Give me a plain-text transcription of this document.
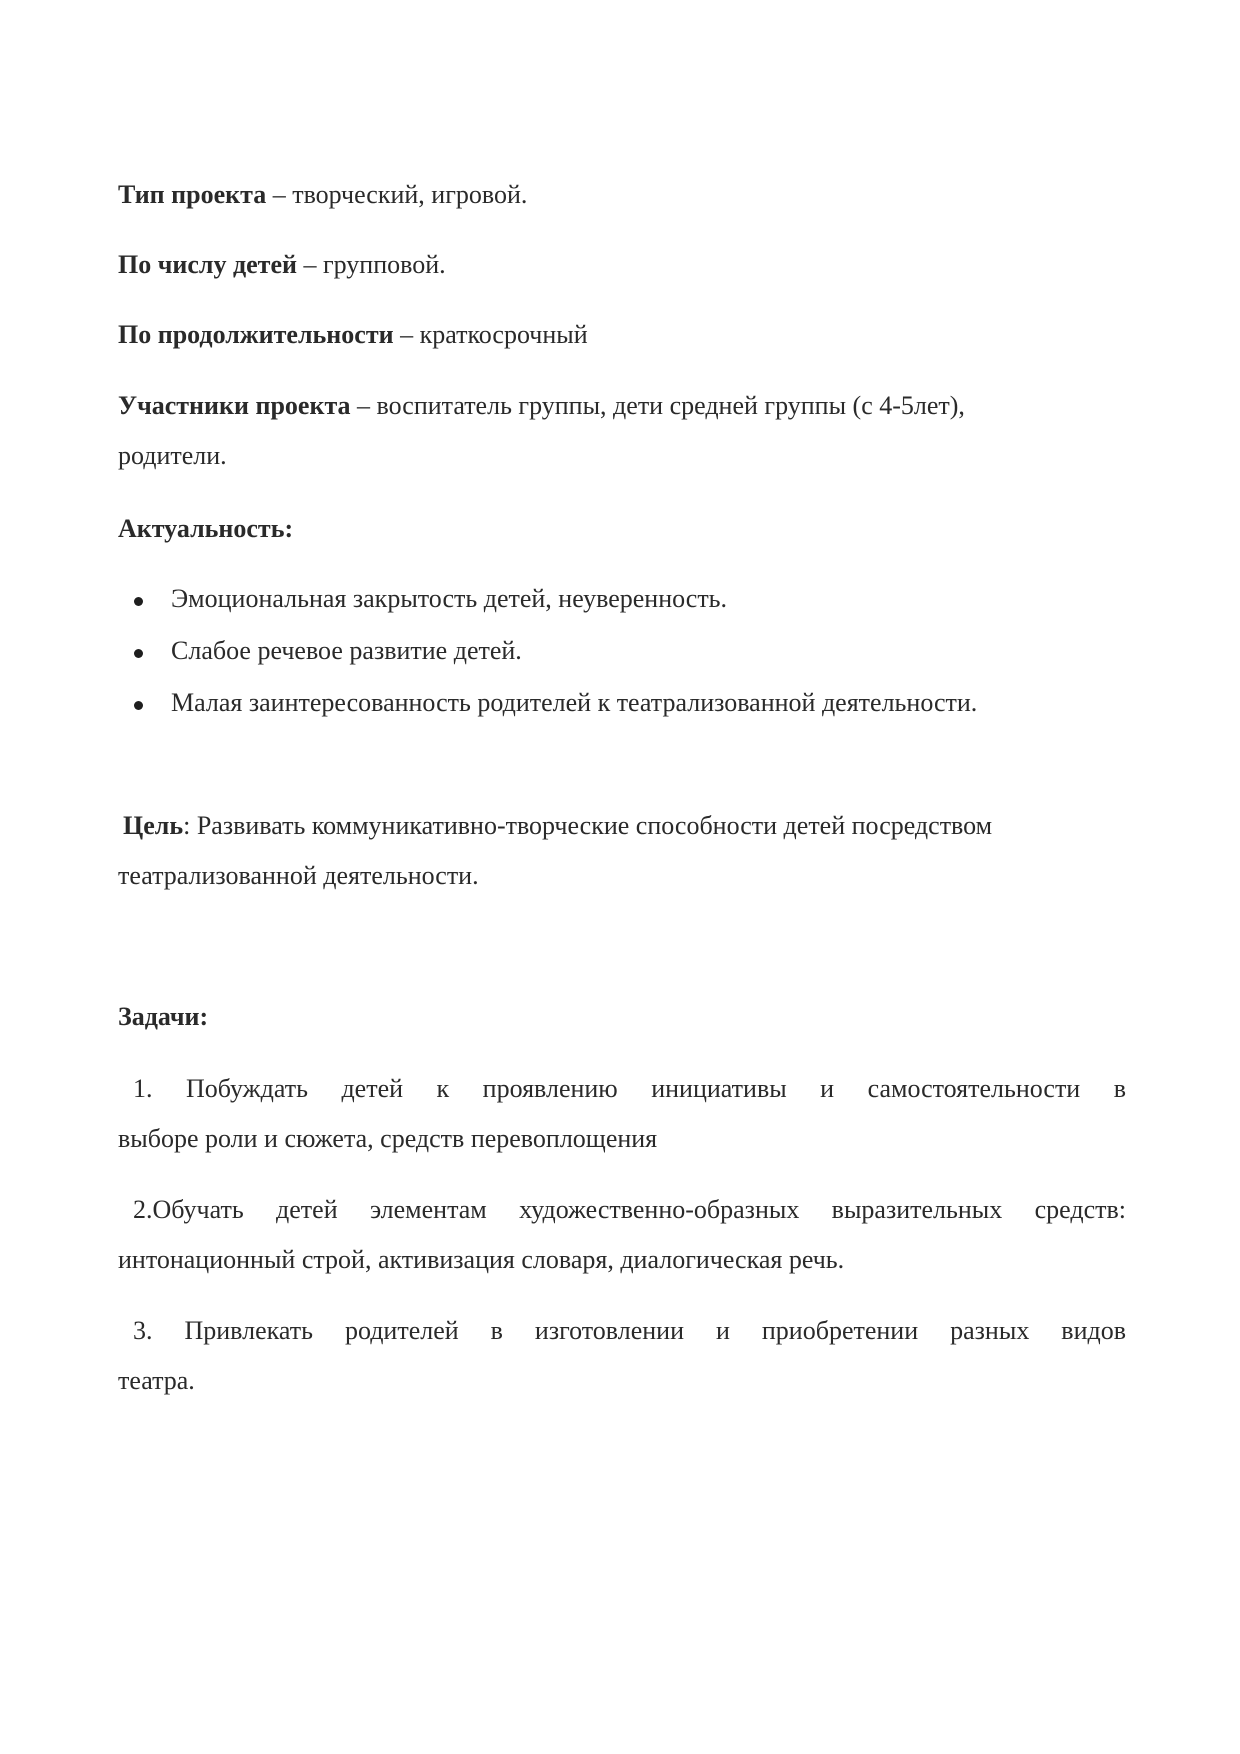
Тип проекта – творческий, игровой.
По числу детей – групповой.
По продолжительности – краткосрочный
Участники проекта – воспитатель группы, дети средней группы (с 4-5лет),
родители.
Актуальность:
Эмоциональная закрытость детей, неуверенность.
Слабое речевое развитие детей.
Малая заинтересованность родителей к театрализованной деятельности.
Цель: Развивать коммуникативно-творческие способности детей посредством
театрализованной деятельности.
Задачи:
1. Побуждать детей к проявлению инициативы и самостоятельности в
выборе роли и сюжета, средств перевоплощения
2.Обучать детей элементам художественно-образных выразительных средств:
интонационный строй, активизация словаря, диалогическая речь.
3. Привлекать родителей в изготовлении и приобретении разных видов
театра.
